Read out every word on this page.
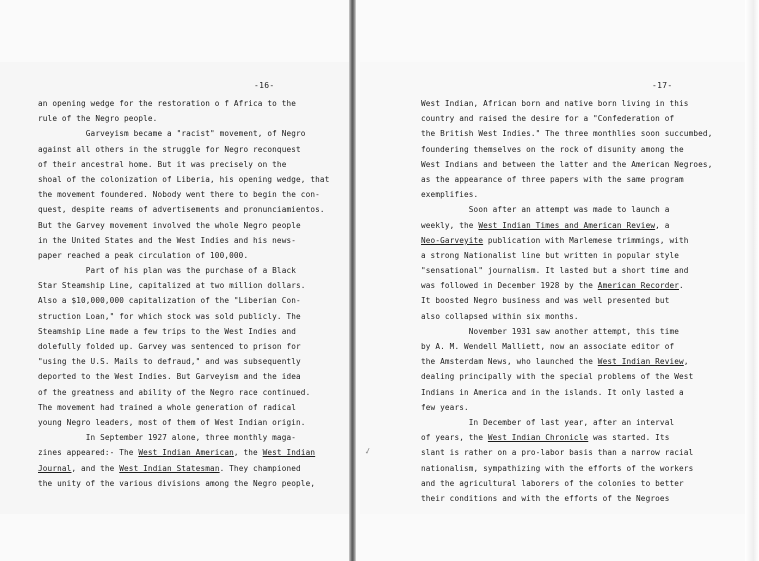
-16-	-17-
an opening wedge for the restoration o f Africa to the
rule of the Negro people.
Garveyism became a "racist" movement, of Negro
against all others in the struggle for Negro reconquest
of their ancestral home. But it was precisely on the
shoal of the colonization of Liberia, his opening wedge, that
the movement foundered. Nobody went there to begin the con-
quest, despite reams of advertisements and pronunciamientos.
But the Garvey movement involved the whole Negro people
in the United States and the West Indies and his news-
paper reached a peak circulation of 100,000.
Part of his plan was the purchase of a Black
Star Steamship Line, capitalized at two million dollars.
Also a $10,000,000 capitalization of the "Liberian Con-
struction Loan," for which stock was sold publicly. The
Steamship Line made a few trips to the West Indies and
dolefully folded up. Garvey was sentenced to prison for
"using the U.S. Mails to defraud," and was subsequently
deported to the West Indies. But Garveyism and the idea
of the greatness and ability of the Negro race continued.
The movement had trained a whole generation of radical
young Negro leaders, most of them of West Indian origin.
In September 1927 alone, three monthly maga-
zines appeared:- The West Indian American, the West Indian
Journal, and the West Indian Statesman. They championed
the unity of the various divisions among the Negro people,
West Indian, African born and native born living in this
country and raised the desire for a "Confederation of
the British West Indies." The three monthlies soon succumbed,
foundering themselves on the rock of disunity among the
West Indians and between the latter and the American Negroes,
as the appearance of three papers with the same program
exemplifies.
Soon after an attempt was made to launch a
weekly, the West Indian Times and American Review, a
Neo-Garveyite publication with Marlemese trimmings, with
a strong Nationalist line but written in popular style
"sensational" journalism. It lasted but a short time and
was followed in December 1928 by the American Recorder.
It boosted Negro business and was well presented but
also collapsed within six months.
November 1931 saw another attempt, this time
by A. M. Wendell Malliett, now an associate editor of
the Amsterdam News, who launched the West Indian Review,
dealing principally with the special problems of the West
Indians in America and in the islands. It only lasted a
few years.
In December of last year, after an interval
of years, the West Indian Chronicle was started. Its
slant is rather on a pro-labor basis than a narrow racial
nationalism, sympathizing with the efforts of the workers
and the agricultural laborers of the colonies to better
their conditions and with the efforts of the Negroes
✓
